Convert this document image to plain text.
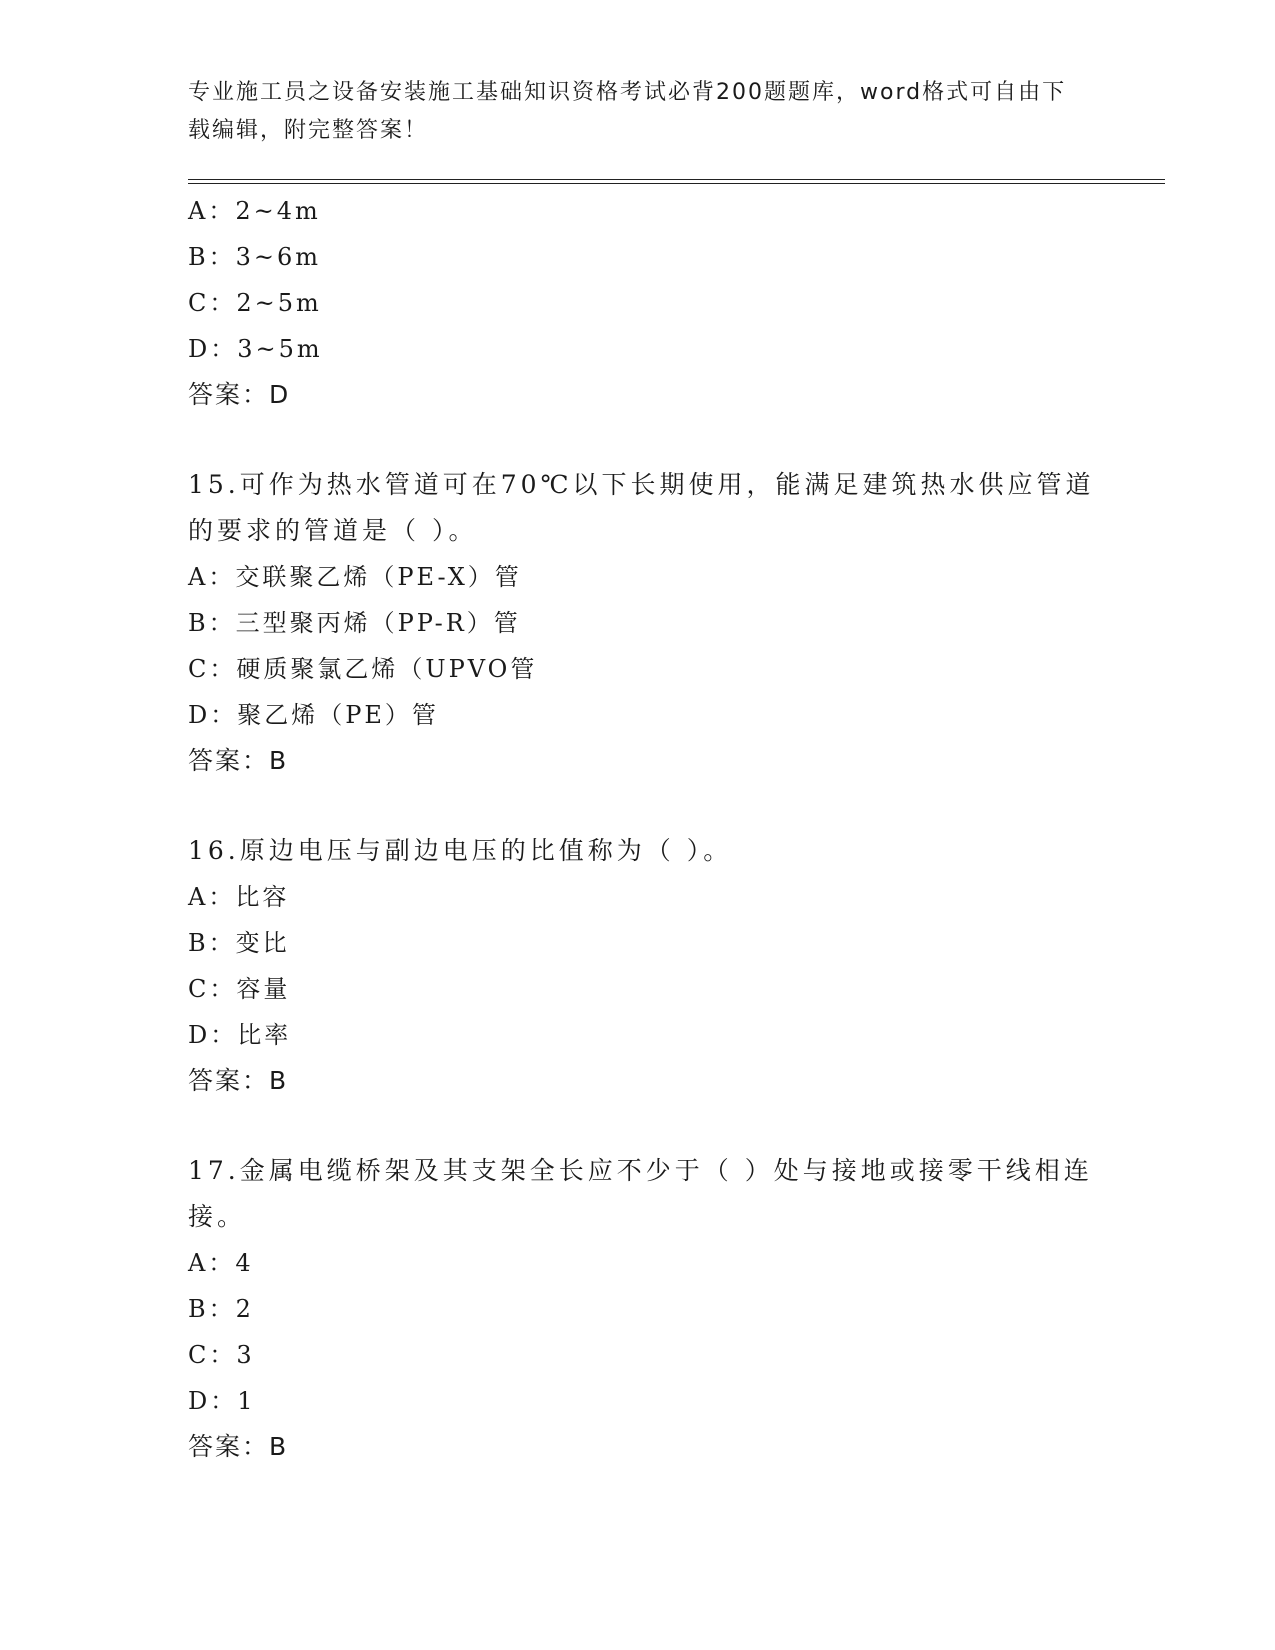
专业施工员之设备安装施工基础知识资格考试必背200题题库，word格式可自由下载编辑，附完整答案！
A：2~4m
B：3~6m
C：2~5m
D：3~5m
答案：D
15.可作为热水管道可在70℃以下长期使用，能满足建筑热水供应管道的要求的管道是（ ）。
A：交联聚乙烯（PE-X）管
B：三型聚丙烯（PP-R）管
C：硬质聚氯乙烯（UPVO管
D：聚乙烯（PE）管
答案：B
16.原边电压与副边电压的比值称为（ ）。
A：比容
B：变比
C：容量
D：比率
答案：B
17.金属电缆桥架及其支架全长应不少于（ ）处与接地或接零干线相连接。
A：4
B：2
C：3
D：1
答案：B
